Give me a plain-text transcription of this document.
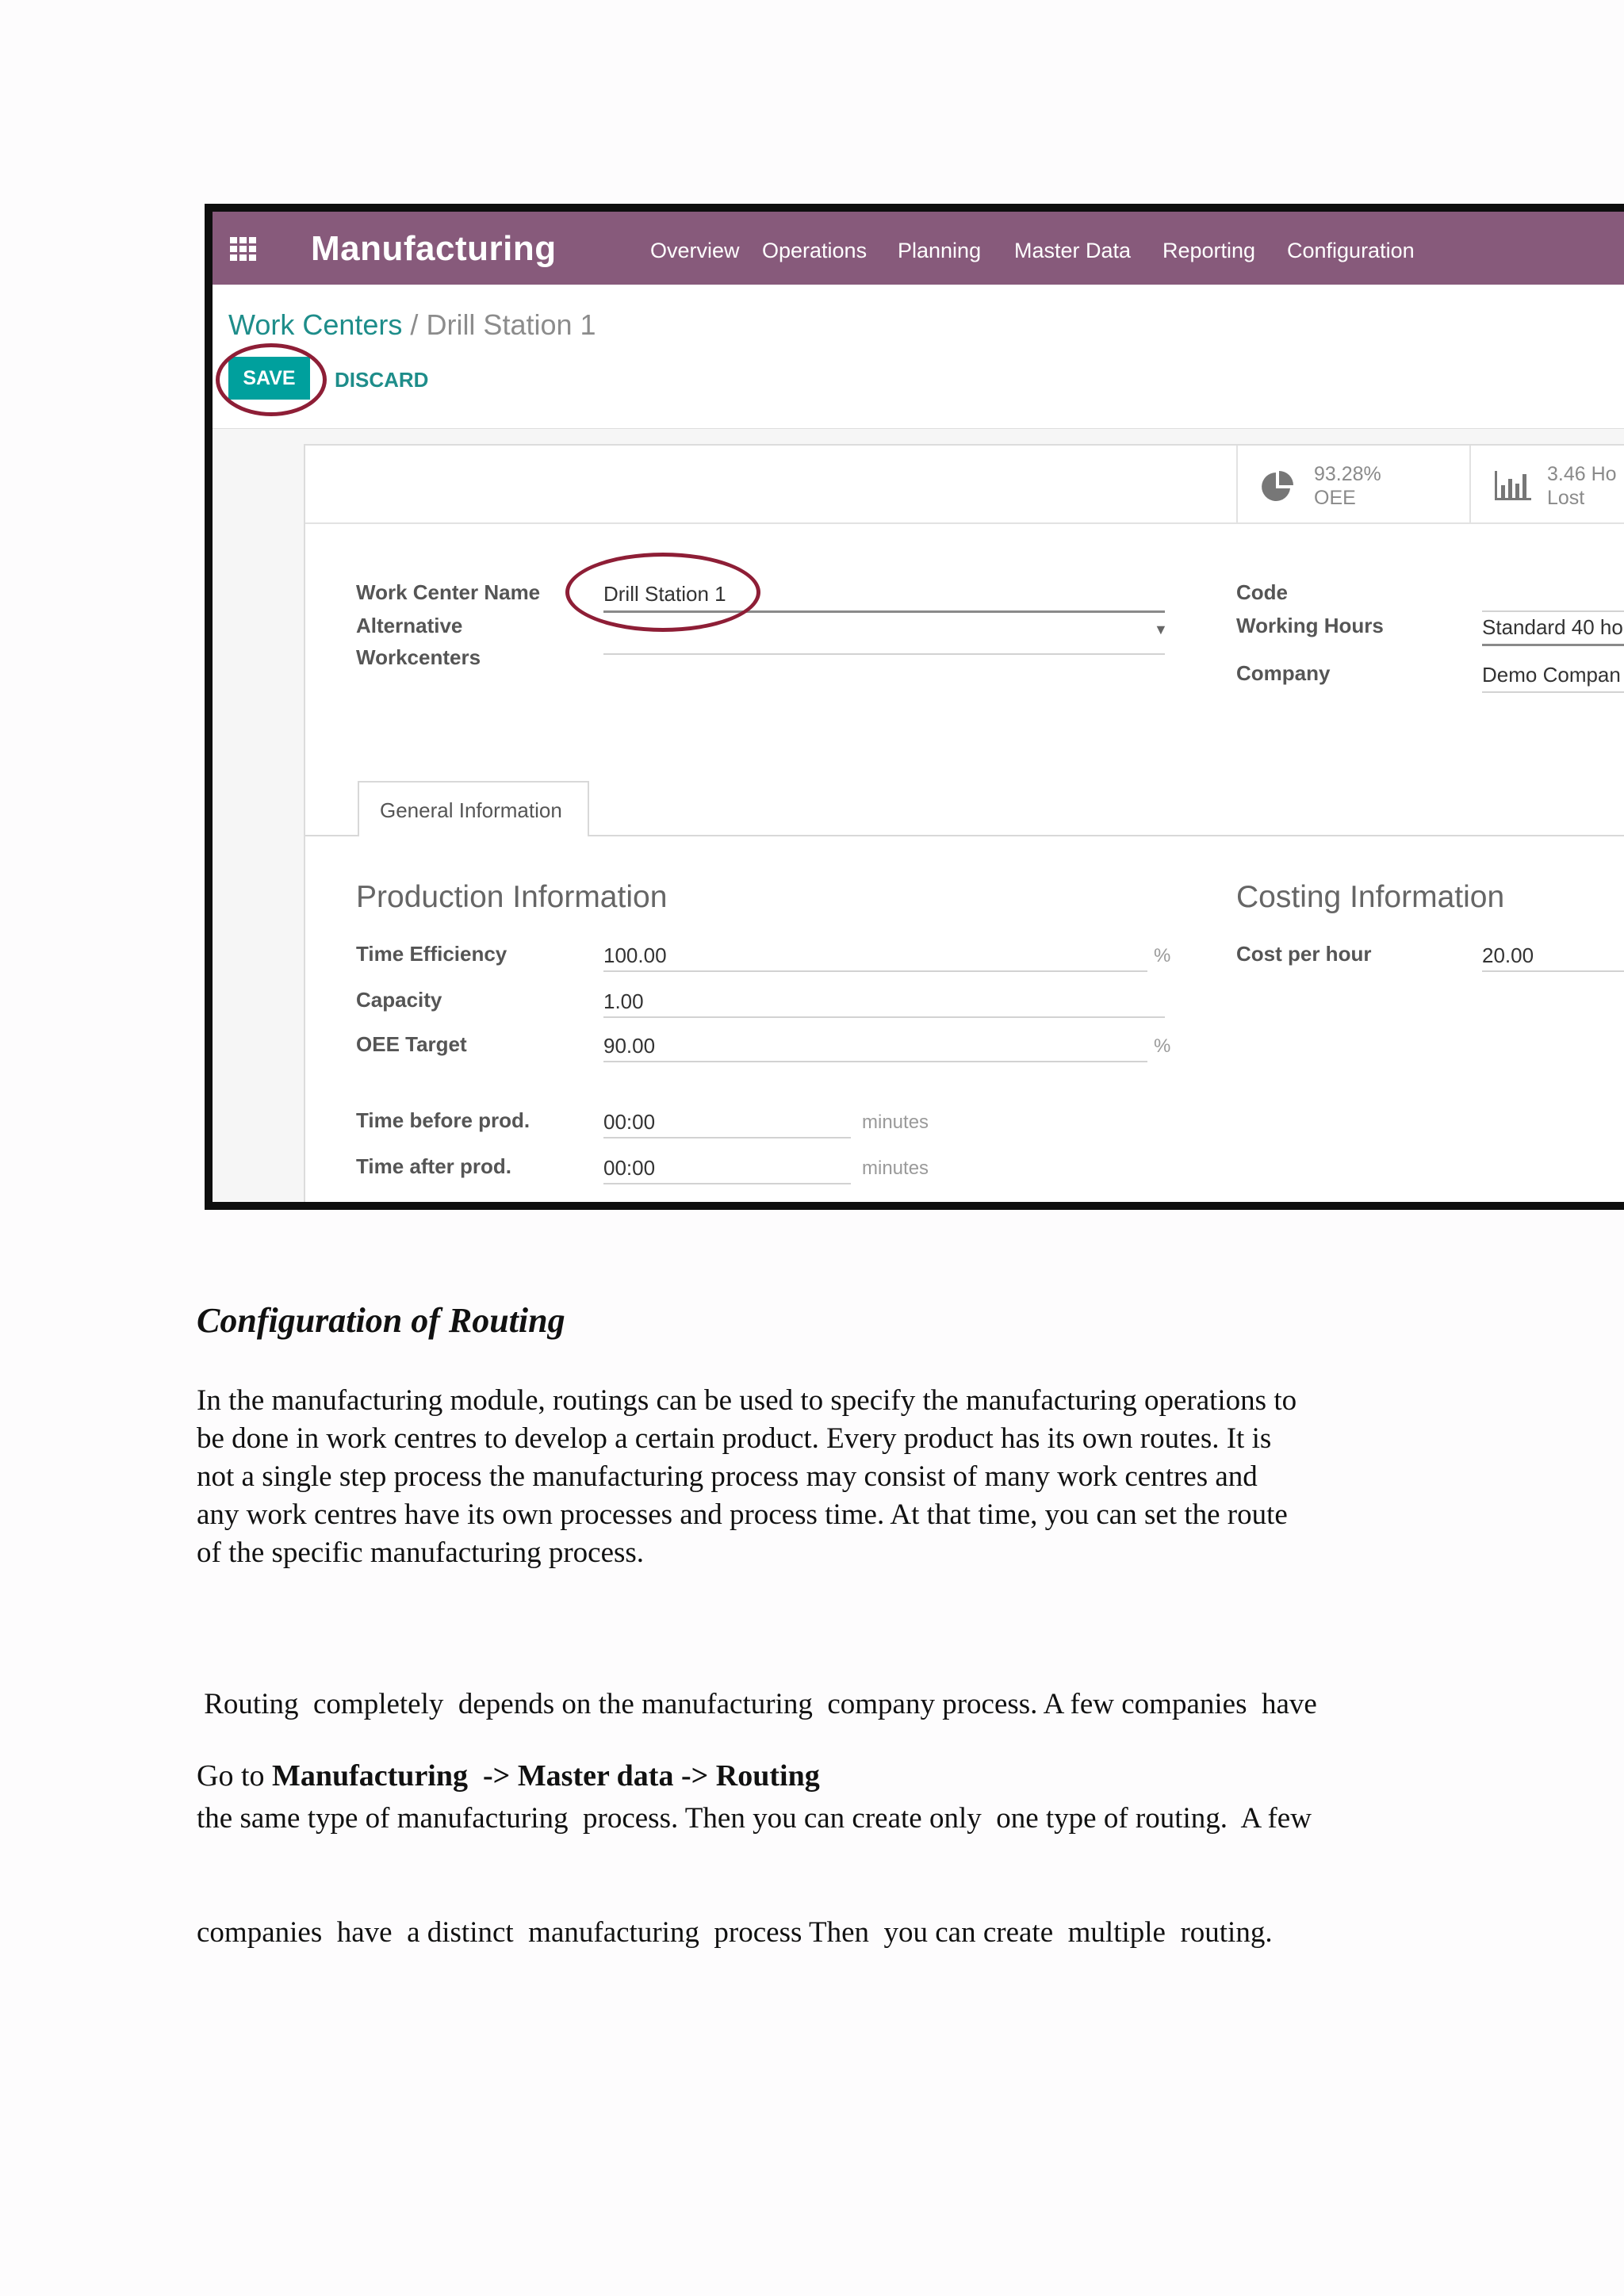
Manufacturing	Overview Operations Planning Master Data Reporting Configuration
Work Centers / Drill Station 1
SAVE	DISCARD
93.28%
OEE
3.46 Ho
Lost
Work Center Name	Drill Station 1
Alternative
Workcenters
▼
Code
Working Hours	Standard 40 ho
Company	Demo Compan
General Information
Production Information
Time Efficiency	100.00	%
Capacity	1.00
OEE Target	90.00	%
Time before prod.	00:00	minutes
Time after prod.	00:00	minutes
Costing Information
Cost per hour	20.00
Configuration of Routing
In the manufacturing module, routings can be used to specify the manufacturing operations to
be done in work centres to develop a certain product. Every product has its own routes. It is
not a single step process the manufacturing process may consist of many work centres and
any work centres have its own processes and process time. At that time, you can set the route
of the specific manufacturing process.

Routing  completely  depends on the manufacturing  company process. A few companies  have

the same type of manufacturing  process. Then you can create only  one type of routing.  A few

companies  have  a distinct  manufacturing  process Then  you can create  multiple  routing.

Go to Manufacturing  -> Master data -> Routing
